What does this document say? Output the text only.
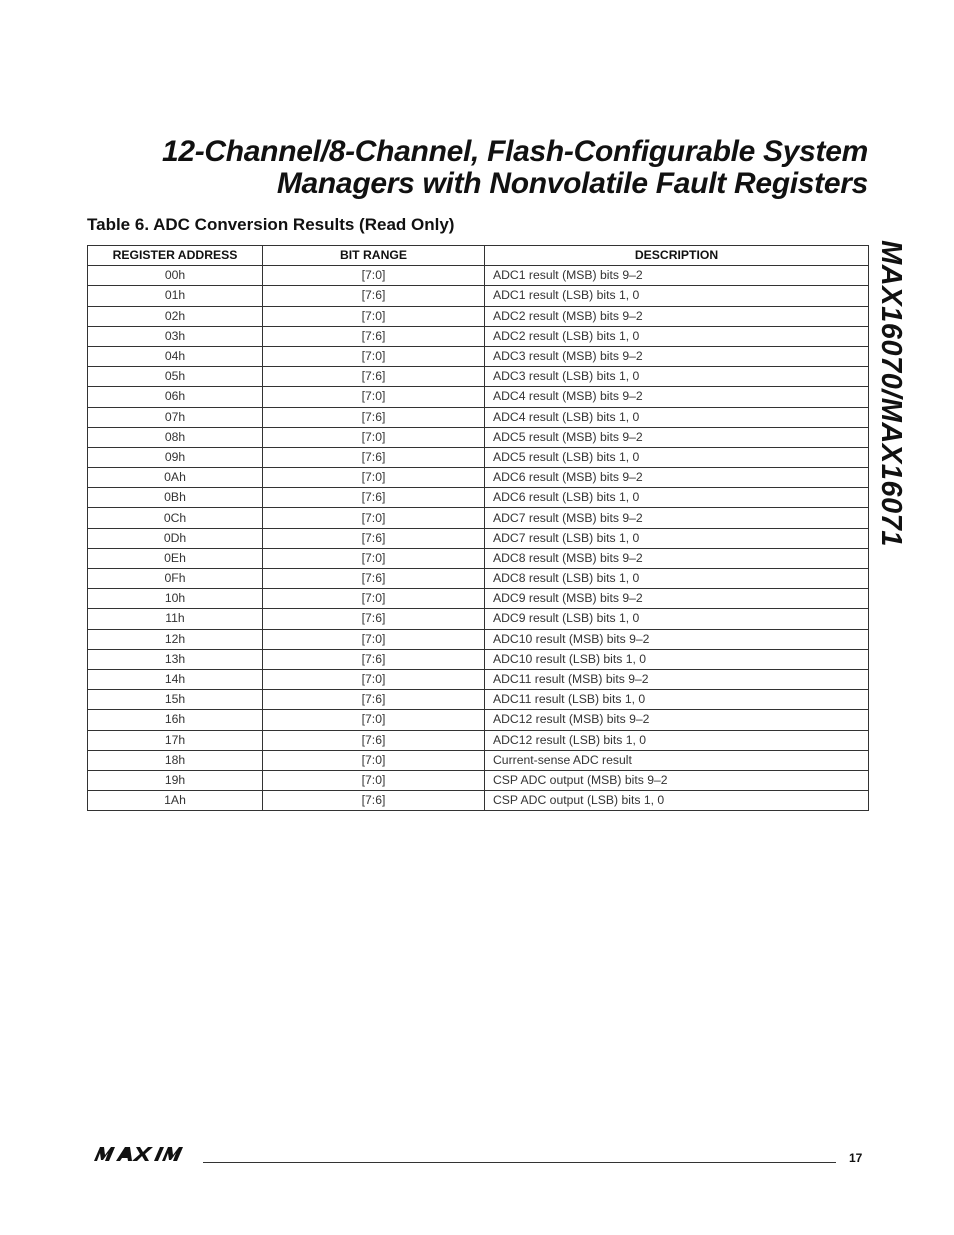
12-Channel/8-Channel, Flash-Configurable System
Managers with Nonvolatile Fault Registers
MAX16070/MAX16071
Table 6. ADC Conversion Results (Read Only)
REGISTER ADDRESS	BIT RANGE	DESCRIPTION
00h	[7:0]	ADC1 result (MSB) bits 9–2
01h	[7:6]	ADC1 result (LSB) bits 1, 0
02h	[7:0]	ADC2 result (MSB) bits 9–2
03h	[7:6]	ADC2 result (LSB) bits 1, 0
04h	[7:0]	ADC3 result (MSB) bits 9–2
05h	[7:6]	ADC3 result (LSB) bits 1, 0
06h	[7:0]	ADC4 result (MSB) bits 9–2
07h	[7:6]	ADC4 result (LSB) bits 1, 0
08h	[7:0]	ADC5 result (MSB) bits 9–2
09h	[7:6]	ADC5 result (LSB) bits 1, 0
0Ah	[7:0]	ADC6 result (MSB) bits 9–2
0Bh	[7:6]	ADC6 result (LSB) bits 1, 0
0Ch	[7:0]	ADC7 result (MSB) bits 9–2
0Dh	[7:6]	ADC7 result (LSB) bits 1, 0
0Eh	[7:0]	ADC8 result (MSB) bits 9–2
0Fh	[7:6]	ADC8 result (LSB) bits 1, 0
10h	[7:0]	ADC9 result (MSB) bits 9–2
11h	[7:6]	ADC9 result (LSB) bits 1, 0
12h	[7:0]	ADC10 result (MSB) bits 9–2
13h	[7:6]	ADC10 result (LSB) bits 1, 0
14h	[7:0]	ADC11 result (MSB) bits 9–2
15h	[7:6]	ADC11 result (LSB) bits 1, 0
16h	[7:0]	ADC12 result (MSB) bits 9–2
17h	[7:6]	ADC12 result (LSB) bits 1, 0
18h	[7:0]	Current-sense ADC result
19h	[7:0]	CSP ADC output (MSB) bits 9–2
1Ah	[7:6]	CSP ADC output (LSB) bits 1, 0
17
